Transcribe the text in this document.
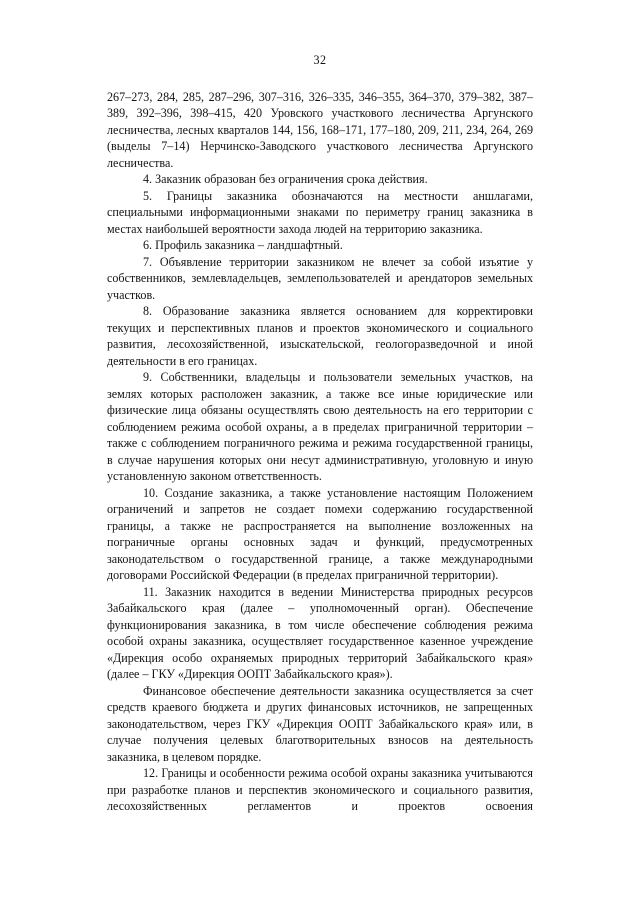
32

267–273, 284, 285, 287–296, 307–316, 326–335, 346–355, 364–370, 379–382, 387–389, 392–396, 398–415, 420 Уровского участкового лесничества Аргунского лесничества, лесных кварталов 144, 156, 168–171, 177–180, 209, 211, 234, 264, 269 (выделы 7–14) Нерчинско-Заводского участкового лесничества Аргунского лесничества.

4. Заказник образован без ограничения срока действия.

5. Границы заказника обозначаются на местности аншлагами, специальными информационными знаками по периметру границ заказника в местах наибольшей вероятности захода людей на территорию заказника.

6. Профиль заказника – ландшафтный.

7. Объявление территории заказником не влечет за собой изъятие у собственников, землевладельцев, землепользователей и арендаторов земельных участков.

8. Образование заказника является основанием для корректировки текущих и перспективных планов и проектов экономического и социального развития, лесохозяйственной, изыскательской, геологоразведочной и иной деятельности в его границах.

9. Собственники, владельцы и пользователи земельных участков, на землях которых расположен заказник, а также все иные юридические или физические лица обязаны осуществлять свою деятельность на его территории с соблюдением режима особой охраны, а в пределах приграничной территории – также с соблюдением пограничного режима и режима государственной границы, в случае нарушения которых они несут административную, уголовную и иную установленную законом ответственность.

10. Создание заказника, а также установление настоящим Положением ограничений и запретов не создает помехи содержанию государственной границы, а также не распространяется на выполнение возложенных на пограничные органы основных задач и функций, предусмотренных законодательством о государственной границе, а также международными договорами Российской Федерации (в пределах приграничной территории).

11. Заказник находится в ведении Министерства природных ресурсов Забайкальского края (далее – уполномоченный орган). Обеспечение функционирования заказника, в том числе обеспечение соблюдения режима особой охраны заказника, осуществляет государственное казенное учреждение «Дирекция особо охраняемых природных территорий Забайкальского края» (далее – ГКУ «Дирекция ООПТ Забайкальского края»).

Финансовое обеспечение деятельности заказника осуществляется за счет средств краевого бюджета и других финансовых источников, не запрещенных законодательством, через ГКУ «Дирекция ООПТ Забайкальского края» или, в случае получения целевых благотворительных взносов на деятельность заказника, в целевом порядке.

12. Границы и особенности режима особой охраны заказника учитываются при разработке планов и перспектив экономического и социального развития, лесохозяйственных регламентов и проектов освоения
